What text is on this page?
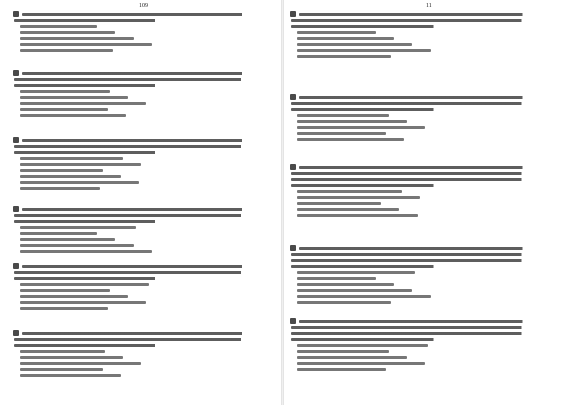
109	11
